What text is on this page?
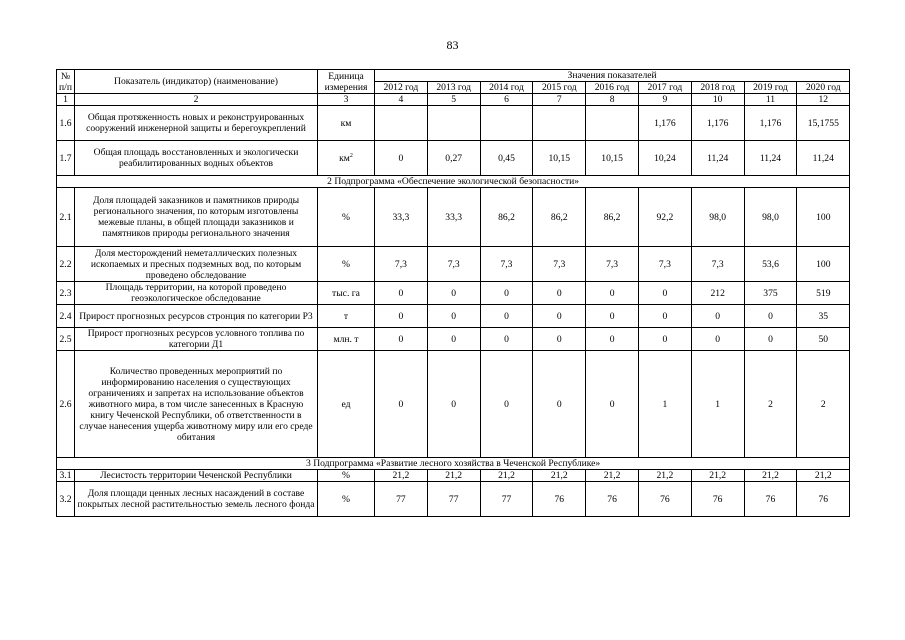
83
№ п/п	Показатель (индикатор) (наименование)	Единица измерения	Значения показателей								
			2012 год	2013 год	2014 год	2015 год	2016 год	2017 год	2018 год	2019 год	2020 год
1	2	3	4	5	6	7	8	9	10	11	12
1.6	Общая протяженность новых и реконструированных сооружений инженерной защиты и берегоукреплений	км						1,176	1,176	1,176	15,1755
1.7	Общая площадь восстановленных и экологически реабилитированных водных объектов	$км^2$	0	0,27	0,45	10,15	10,15	10,24	11,24	11,24	11,24
2 Подпрограмма «Обеспечение экологической безопасности»											
2.1	Доля площадей заказников и памятников природы регионального значения, по которым изготовлены межевые планы, в общей площади заказников и памятников природы регионального значения	%	33,3	33,3	86,2	86,2	86,2	92,2	98,0	98,0	100
2.2	Доля месторождений неметаллических полезных ископаемых и пресных подземных вод, по которым проведено обследование	%	7,3	7,3	7,3	7,3	7,3	7,3	7,3	53,6	100
2.3	Площадь территории, на которой проведено геоэкологическое обследование	тыс. га	0	0	0	0	0	0	212	375	519
2.4	Прирост прогнозных ресурсов стронция по категории Р3	т	0	0	0	0	0	0	0	0	35
2.5	Прирост прогнозных ресурсов условного топлива по категории Д1	млн. т	0	0	0	0	0	0	0	0	50
2.6	Количество проведенных мероприятий по информированию населения о существующих ограничениях и запретах на использование объектов животного мира, в том числе занесенных в Красную книгу Чеченской Республики, об ответственности в случае нанесения ущерба животному миру или его среде обитания	ед	0	0	0	0	0	1	1	2	2
3 Подпрограмма «Развитие лесного хозяйства в Чеченской Республике»											
3.1	Лесистость территории Чеченской Республики	%	21,2	21,2	21,2	21,2	21,2	21,2	21,2	21,2	21,2
3.2	Доля площади ценных лесных насаждений в составе покрытых лесной растительностью земель лесного фонда	%	77	77	77	76	76	76	76	76	76
